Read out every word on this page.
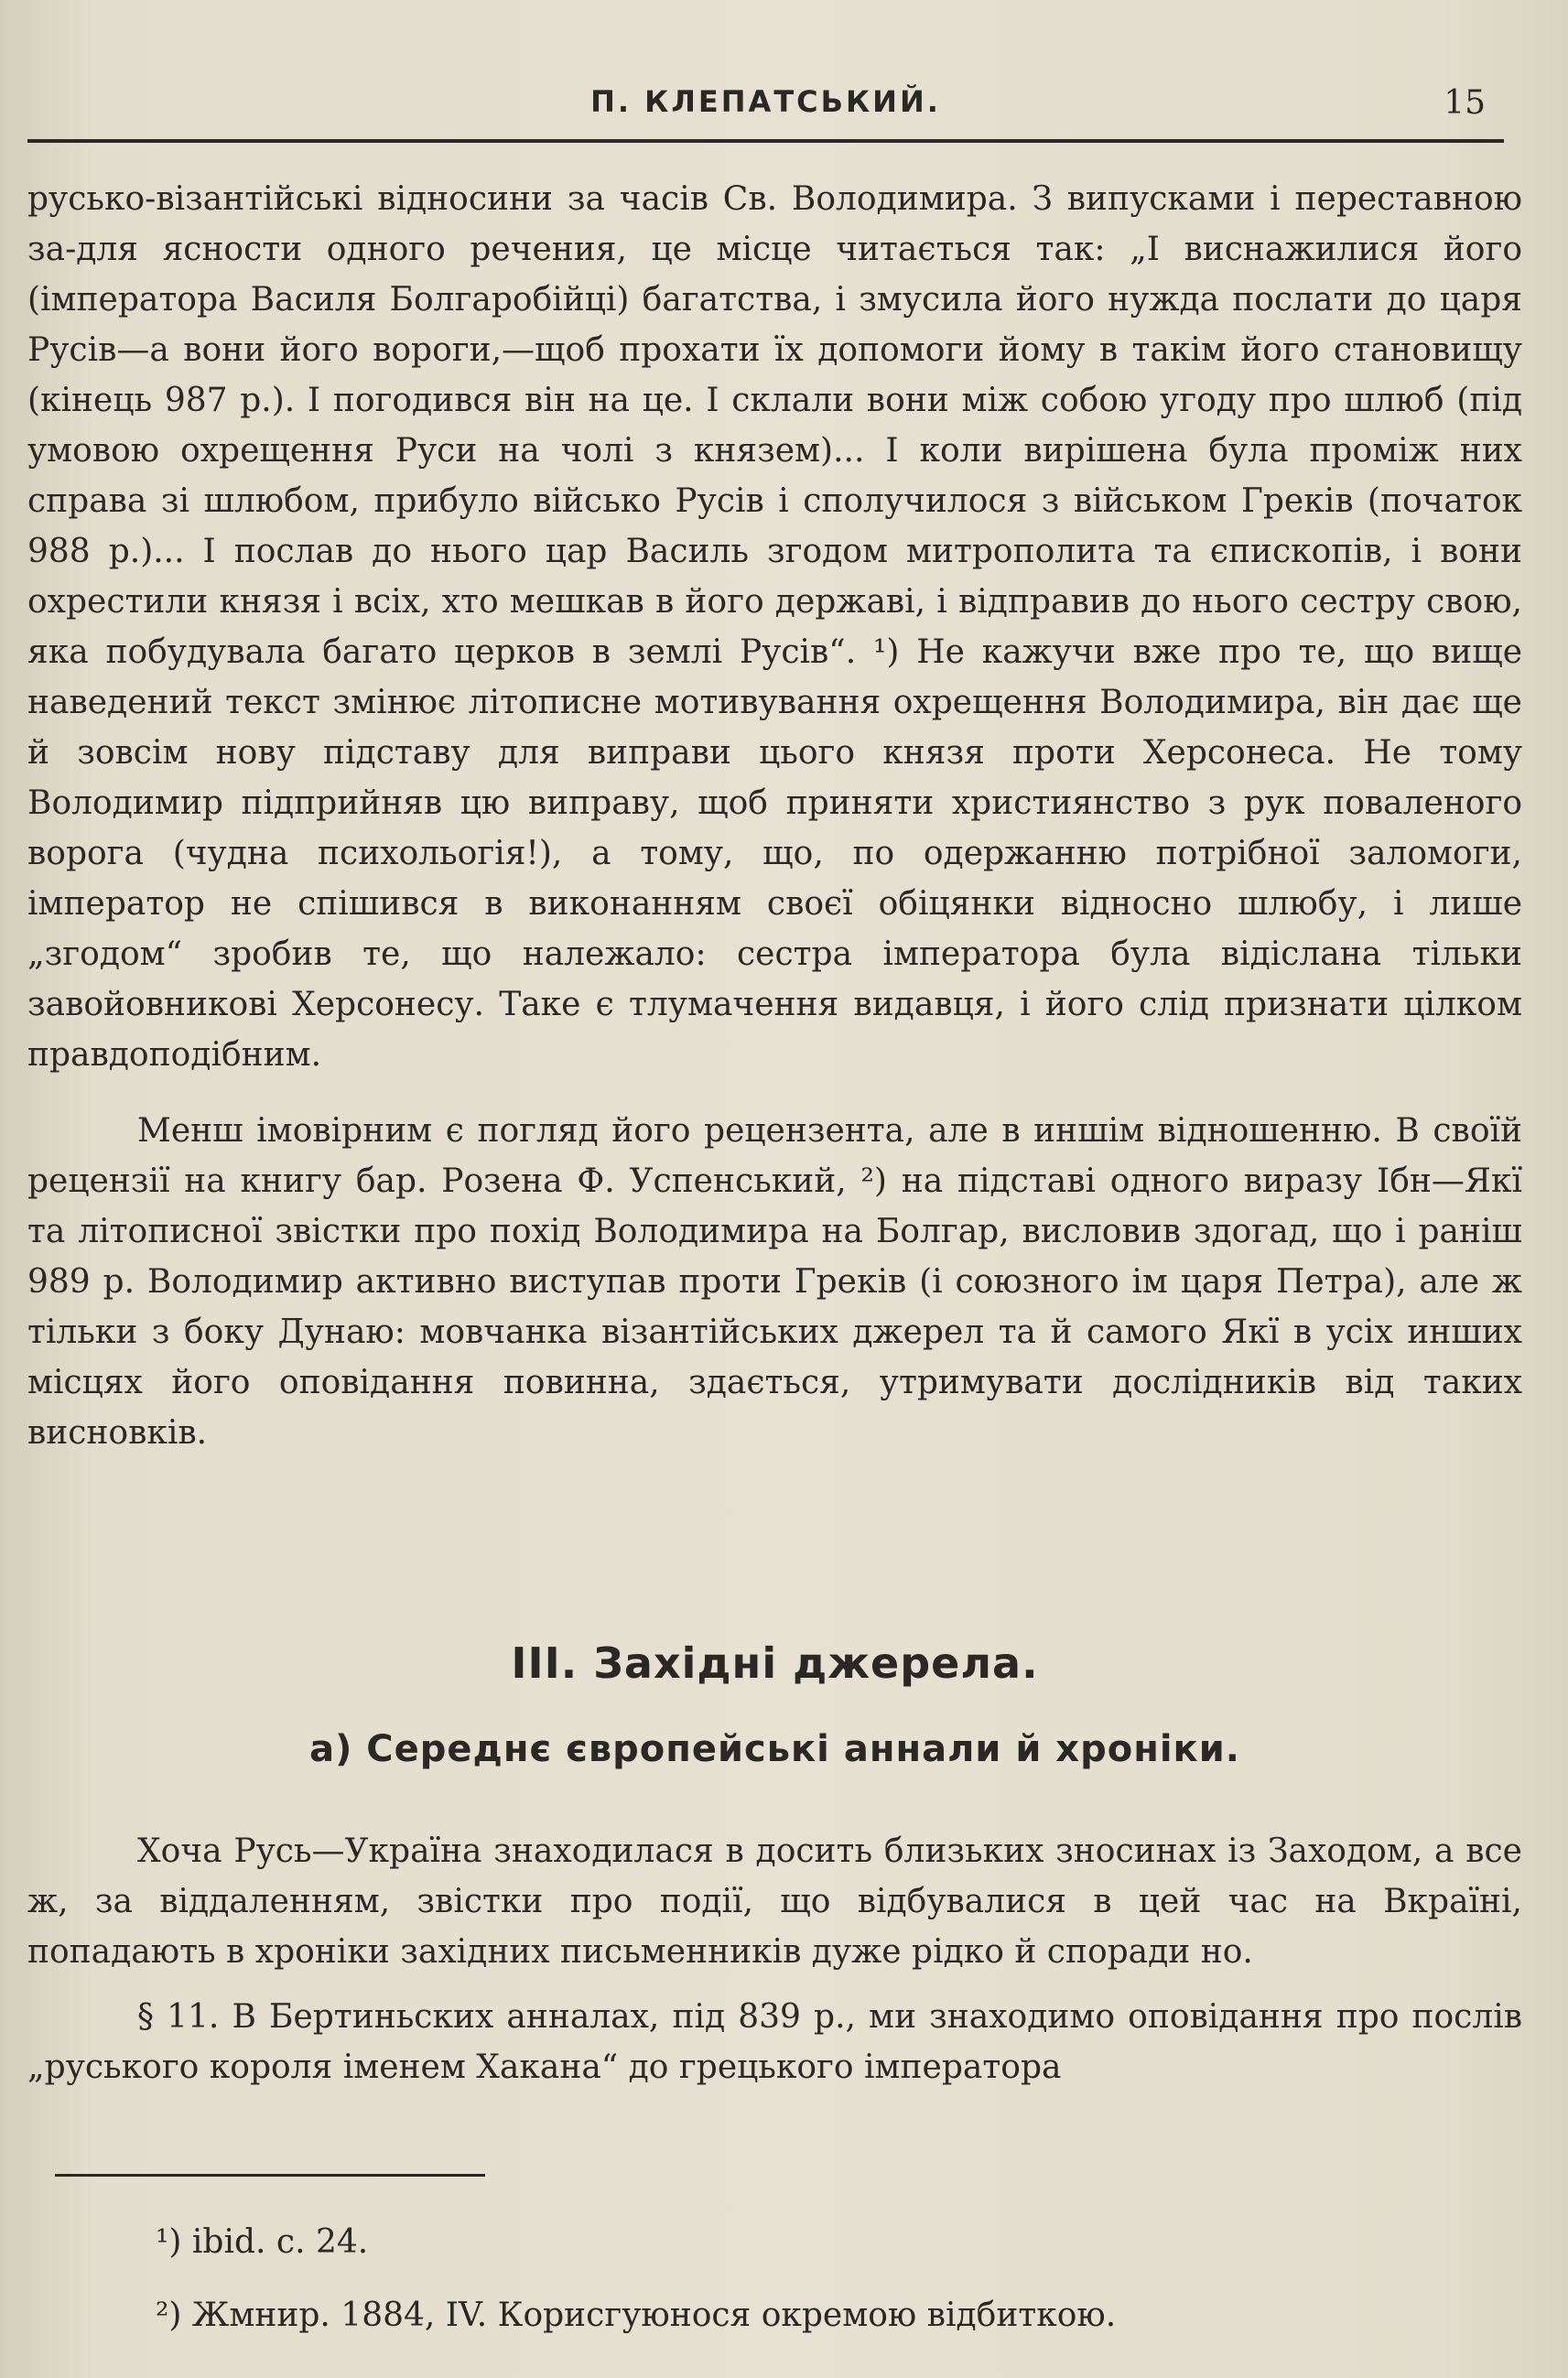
П. КЛЕПАТСЬКИЙ.	15

русько-візантійські відносини за часів Св. Володимира. З випусками і переставною за-для ясности одного речения, це місце читається так: „І виснажилися його (імператора Василя Болгаробійці) багатства, і змусила його нужда послати до царя Русів—а вони його вороги,—щоб прохати їх допомоги йому в такім його становищу (кінець 987 р.). І погодився він на це. І склали вони між собою угоду про шлюб (під умовою охрещення Руси на чолі з князем)... І коли вирішена була проміж них справа зі шлюбом, прибуло військо Русів і сполучилося з військом Греків (початок 988 р.)... І послав до нього цар Василь згодом митрополита та єпископів, і вони охрестили князя і всіх, хто мешкав в його державі, і відправив до нього сестру свою, яка побудувала багато церков в землі Русів“. ¹) Не кажучи вже про те, що вище наведений текст змінює літописне мотивування охрещення Володимира, він дає ще й зовсім нову підставу для виправи цього князя проти Херсонеса. Не тому Володимир підприйняв цю виправу, щоб приняти християнство з рук поваленого ворога (чудна психольогія!), а тому, що, по одержанню потрібної заломоги, імператор не спішився в виконанням своєї обіцянки відносно шлюбу, і лише „згодом“ зробив те, що належало: сестра імператора була відіслана тільки завойовникові Херсонесу. Таке є тлумачення видавця, і його слід признати цілком правдоподібним.

Менш імовірним є погляд його рецензента, але в иншім відношенню. В своїй рецензії на книгу бар. Розена Ф. Успенський, ²) на підставі одного виразу Ібн—Якї та літописної звістки про похід Володимира на Болгар, висловив здогад, що і раніш 989 р. Володимир активно виступав проти Греків (і союзного ім царя Петра), але ж тільки з боку Дунаю: мовчанка візантійських джерел та й самого Якї в усіх инших місцях його оповідання повинна, здається, утримувати дослідників від таких висновків.

III. Західні джерела.
а) Середнє європейські аннали й хроніки.

Хоча Русь—Україна знаходилася в досить близьких зносинах із Заходом, а все ж, за віддаленням, звістки про події, що відбувалися в цей час на Вкраїні, попадають в хроніки західних письменників дуже рідко й споради но.

§ 11. В Бертиньских анналах, під 839 р., ми знаходимо оповідання про послів „руського короля іменем Хакана“ до грецького імператора

¹) ibid. с. 24.
²) Жмнир. 1884, IV. Корисгуюнося окремою відбиткою.
